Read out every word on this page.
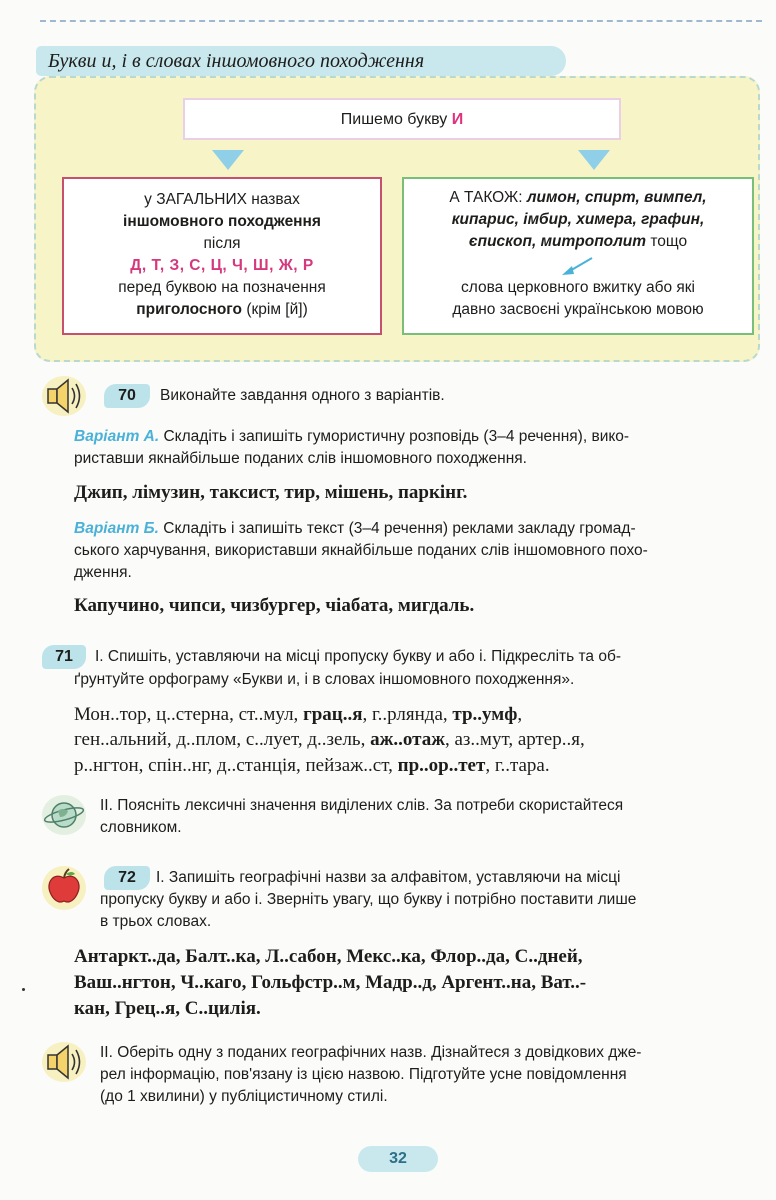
Букви и, і в словах іншомовного походження
Пишемо букву И
у ЗАГАЛЬНИХ назвах
іншомовного походження
після
Д, Т, З, С, Ц, Ч, Ш, Ж, Р
перед буквою на позначення
приголосного (крім [й])
А ТАКОЖ: лимон, спирт, вимпел,
кипарис, імбир, химера, графин,
єпископ, митрополит тощо
слова церковного вжитку або які
давно засвоєні українською мовою
70	Виконайте завдання одного з варіантів.
Варіант А. Складіть і запишіть гумористичну розповідь (3–4 речення), вико-
риставши якнайбільше поданих слів іншомовного походження.
Джип, лімузин, таксист, тир, мішень, паркінг.
Варіант Б. Складіть і запишіть текст (3–4 речення) реклами закладу громад-
ського харчування, використавши якнайбільше поданих слів іншомовного похо-
дження.
Капучино, чипси, чизбургер, чіабата, мигдаль.
71	I. Спишіть, уставляючи на місці пропуску букву и або і. Підкресліть та об-
ґрунтуйте орфограму «Букви и, і в словах іншомовного походження».
Мон..тор, ц..стерна, ст..мул, грац..я, г..рлянда, тр..умф,
ген..альний, д..плом, с..лует, д..зель, аж..отаж, аз..мут, артер..я,
р..нгтон, спін..нг, д..станція, пейзаж..ст, пр..ор..тет, г..тара.
II. Поясніть лексичні значення виділених слів. За потреби скористайтеся
словником.
72	I. Запишіть географічні назви за алфавітом, уставляючи на місці
пропуску букву и або і. Зверніть увагу, що букву і потрібно поставити лише
в трьох словах.
Антаркт..да, Балт..ка, Л..сабон, Мекс..ка, Флор..да, С..дней,
Ваш..нгтон, Ч..каго, Гольфстр..м, Мадр..д, Аргент..на, Ват..-
кан, Грец..я, С..цилія.
II. Оберіть одну з поданих географічних назв. Дізнайтеся з довідкових дже-
рел інформацію, пов'язану із цією назвою. Підготуйте усне повідомлення
(до 1 хвилини) у публіцистичному стилі.
32
